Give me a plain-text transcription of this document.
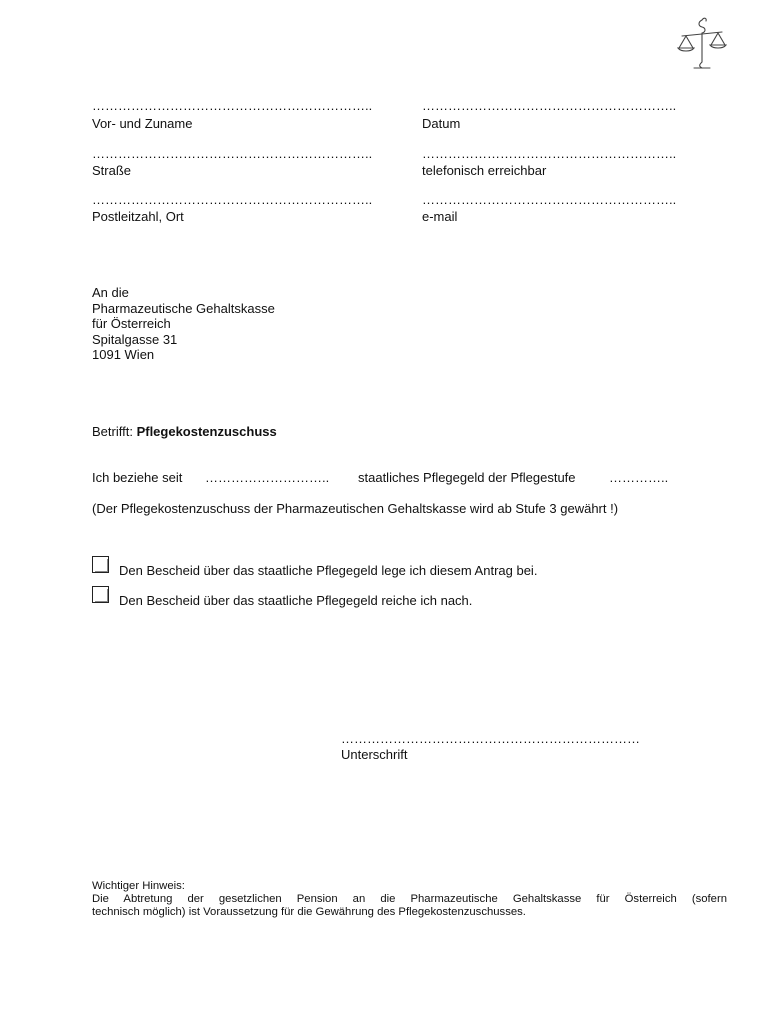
………………………………………………………..
Vor- und Zuname
………………………………………………………..
Straße
………………………………………………………..
Postleitzahl, Ort
…………………………………………………..
Datum
…………………………………………………..
telefonisch erreichbar
…………………………………………………..
e-mail
An die
Pharmazeutische Gehaltskasse
für Österreich
Spitalgasse 31
1091 Wien
Betrifft: Pflegekostenzuschuss
Ich beziehe seit ……………………….. staatliches Pflegegeld der Pflegestufe	…………..
(Der Pflegekostenzuschuss der Pharmazeutischen Gehaltskasse wird ab Stufe 3 gewährt !)
Den Bescheid über das staatliche Pflegegeld lege ich diesem Antrag bei.
Den Bescheid über das staatliche Pflegegeld reiche ich nach.
……………………………………………………………
Unterschrift
Wichtiger Hinweis:
Die Abtretung der gesetzlichen Pension an die Pharmazeutische Gehaltskasse für Österreich (sofern
technisch möglich) ist Voraussetzung für die Gewährung des Pflegekostenzuschusses.
